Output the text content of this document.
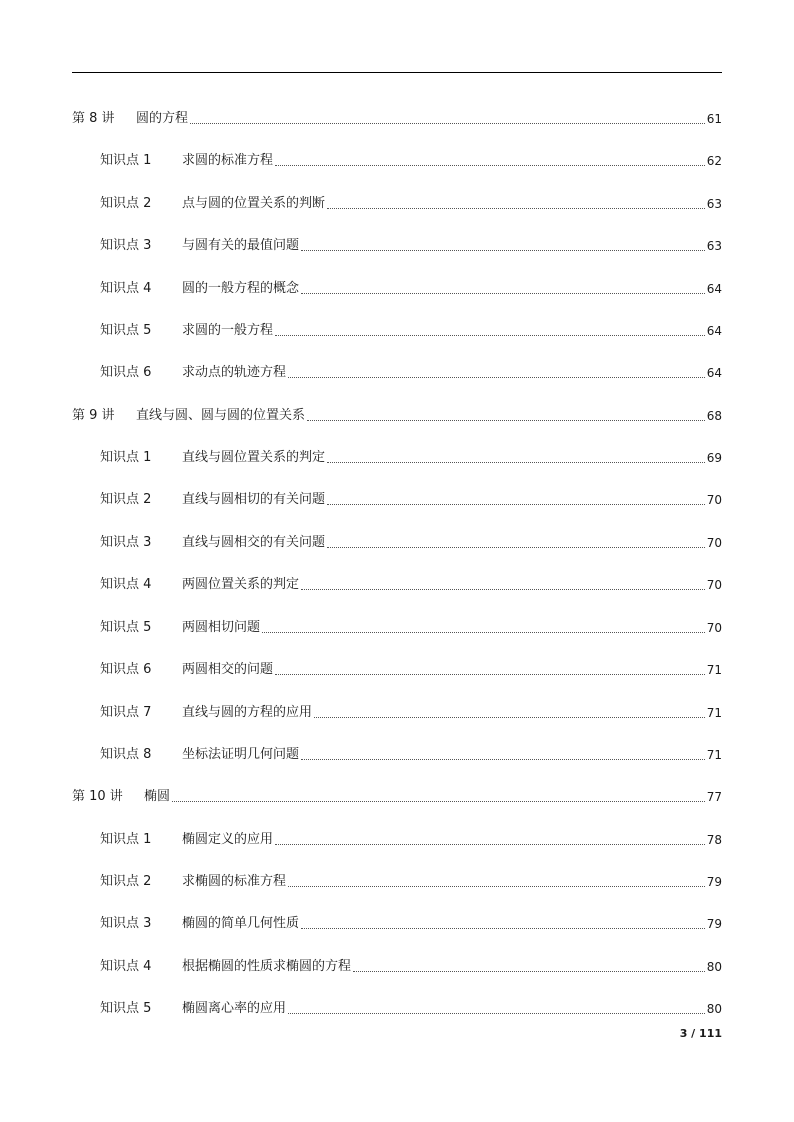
第 8 讲	圆的方程	61
知识点 1	求圆的标准方程	62
知识点 2	点与圆的位置关系的判断	63
知识点 3	与圆有关的最值问题	63
知识点 4	圆的一般方程的概念	64
知识点 5	求圆的一般方程	64
知识点 6	求动点的轨迹方程	64
第 9 讲	直线与圆、圆与圆的位置关系	68
知识点 1	直线与圆位置关系的判定	69
知识点 2	直线与圆相切的有关问题	70
知识点 3	直线与圆相交的有关问题	70
知识点 4	两圆位置关系的判定	70
知识点 5	两圆相切问题	70
知识点 6	两圆相交的问题	71
知识点 7	直线与圆的方程的应用	71
知识点 8	坐标法证明几何问题	71
第 10 讲	椭圆	77
知识点 1	椭圆定义的应用	78
知识点 2	求椭圆的标准方程	79
知识点 3	椭圆的简单几何性质	79
知识点 4	根据椭圆的性质求椭圆的方程	80
知识点 5	椭圆离心率的应用	80
3 / 111
